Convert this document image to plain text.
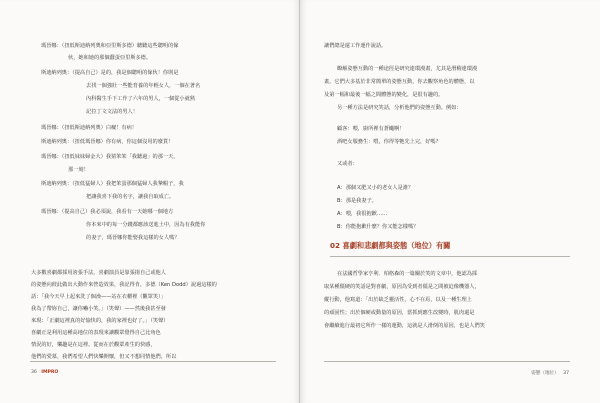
瑪晉娜：（扭低斯迪納列奧和亞里斯多德）聽聽這些聰明的傢
伙，她和她的那個蠢蛋亞里斯多德。
斯迪納列奧：（提高自己）是的，我是個聰明的傢伙！你則是
去找一個強壯一些能育養的年輕女人，一個在著名
內科醫生手下工作了六年的男人，一個從小就熟
記拉丁文文法的男人！
瑪晉娜：（扭低斯迪納列奧）白癡！有病！
斯迪納列奧：（扭低瑪晉娜）你有病，你這個沒用的廢貨！
瑪晉娜：（扭低妹妹婦金大）我猜笨笨「我聽過」的那一天，
那一刻！
斯迪納列奧：（扭低猛婦人）我把笨蛋那個猛婦人我摯帽子，我
把讓我喜下我的名字，讓我自取成亡。
瑪晉娜：（提高自己）我必須說，我看有一天她哪一個地方
你本來中的每一分錢都應該送進土中，因為有我能你
的妻子，瑪晉娜你能娶我這樣的女人嗎？
大多數喜劇都採用誇張手法，喜劇演員是靠張揚自己或他人
的姿態向彼此做出大動作來營造效果，我記得肯，多德（Ken Dodd）說過這樣的
話：「我今天早上起來洗了個澡——站在衣櫃裡（觀眾笑）」
我為了帶妳自己，讓你嚇小笑。」（笑聲）——然後我甚至發
來現：「正劇這裡真的好愉快的，我的家裡也好了。」（笑聲）
喜劇正是利用這種高地位的表現來讓觀眾覺得自己比角色
情況的好，樂趣是在這裡。從而在於觀眾產生的快感，
他們的愛慕，我們希望人們快樂開懷，但又不想同情他們，所以
36 IMPRO
讓們總是還工作運作說話。
瞭解姿態互動的一種途徑是研究連環漫畫，尤其是潛稽連環漫
畫。它們大多基於非常簡單的姿態互動，你去觀察角色的體態，以
及第一幅和最後一幅之間體態的變化，是很有趣的。
另一種方法是研究笑話，分析他們的姿態互動。例如：
顧客：喂，廚所裡有蒼蠅啊！
酒吧女服務生：喂，你得等牠先上完，好嗎？
又或者：
A：那個又肥又小的老女人是誰？
B：那是我妻子。
A：喂，我很抱歉……
B：你能抱歉什麼？你又能怎樣嗎？
02 喜劇和悲劇都與姿態（地位）有關
在法國哲學家亨利．柏格森的一篇關於笑的文章中，他認為採
取某種僵硬的笑話是對喜劇，原因為受到者僵是之間被迫像機器人，
縱行動，他寫道：「出於缺乏靈活性，心不在焉，以及一種生理上
的頑固性；出於個硬或動量的原因，當抓到應生改變時，肌肉還是
會繼續進行最初它所作一樣的運動，這就是人滑倒的原因，也是人們笑
姿態（地位） 37
